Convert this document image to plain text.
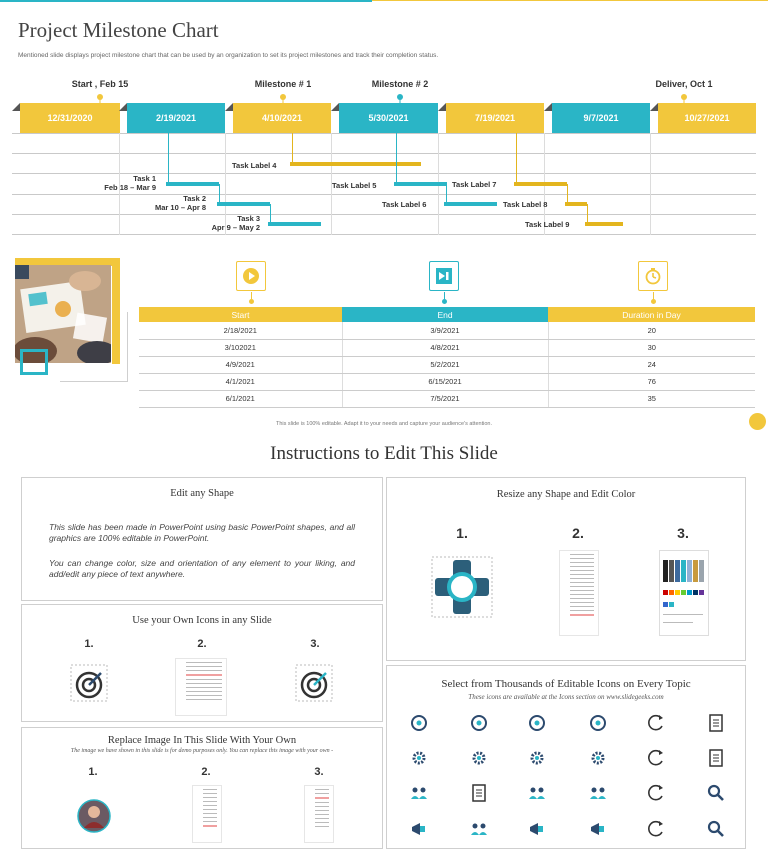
Project Milestone Chart
Mentioned slide displays project milestone chart that can be used by an organization to set its project milestones and track their completion status.
Start , Feb 15	Milestone # 1	Milestone # 2	Deliver, Oct 1
12/31/2020	2/19/2021	4/10/2021	5/30/2021	7/19/2021	9/7/2021	10/27/2021
Task 1
Feb 18 – Mar 9
Task 2
Mar 10 – Apr 8
Task 3
Apr 9 – May 2
Task Label 4
Task Label 5
Task Label 6
Task Label 7
Task Label 8
Task Label 9
Start	End	Duration in Day
2/18/2021	3/9/2021	20
3/102021	4/8/2021	30
4/9/2021	5/2/2021	24
4/1/2021	6/15/2021	76
6/1/2021	7/5/2021	35
This slide is 100% editable. Adapt it to your needs and capture your audience's attention.
Instructions to Edit This Slide
Edit any Shape
This slide has been made in PowerPoint using basic PowerPoint shapes, and all graphics are 100% editable in PowerPoint.
You can change color, size and orientation of any element to your liking, and add/edit any piece of text anywhere.
Use your Own Icons in any Slide
1.	2.	3.
Replace Image In This Slide With Your Own
The image we have shown in this slide is for demo purposes only. You can replace this image with your own -
1.	2.	3.
Resize any Shape and Edit Color
1.	2.	3.
Select from Thousands of Editable Icons on Every Topic
These icons are available at the Icons section on www.slidegeeks.com
